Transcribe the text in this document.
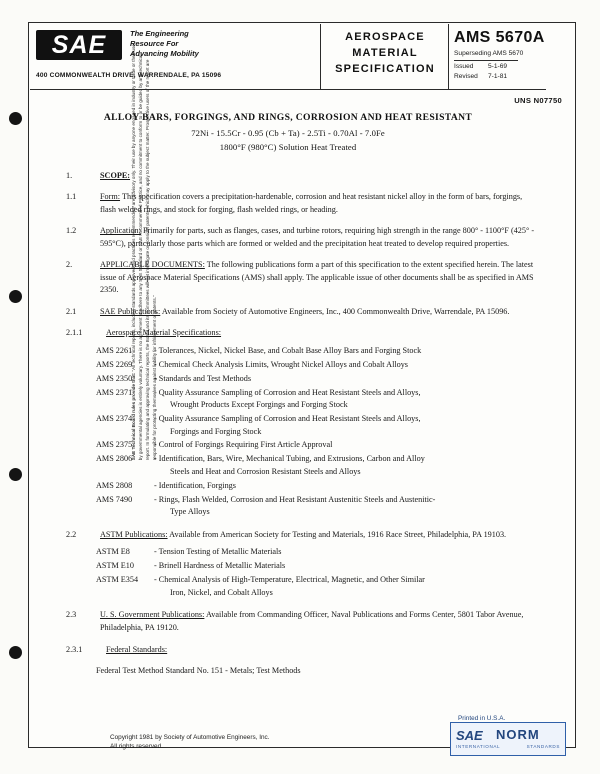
SAE Technical Board rules provide that: "All technical reports, including standards approved and practices recommended, are advisory only. Their use by anyone engaged in industry or trade or their use by governmental agencies is entirely voluntary. There is no agreement to adhere to any SAE Standard or SAE Recommended Practice, and no commitment to conform to or be guided by any technical report. In formulating and approving technical reports, the Board and its Committees will not investigate or consider patents which may apply to the subject matter. Prospective users of the report are responsible for protecting themselves against liability for infringement of patents."
SAE	The Engineering
Resource For
Advancing Mobility
400 COMMONWEALTH DRIVE, WARRENDALE, PA 15096
AEROSPACE
MATERIAL
SPECIFICATION
AMS 5670A
Superseding AMS 5670
Issued 5-1-69
Revised 7-1-81
UNS N07750
ALLOY BARS, FORGINGS, AND RINGS, CORROSION AND HEAT RESISTANT
72Ni - 15.5Cr - 0.95 (Cb + Ta) - 2.5Ti - 0.70Al - 7.0Fe
1800°F (980°C) Solution Heat Treated
1.	SCOPE:
1.1	Form: This specification covers a precipitation-hardenable, corrosion and heat resistant nickel alloy in the form of bars, forgings, flash welded rings, and stock for forging, flash welded rings, or heading.
1.2	Application: Primarily for parts, such as flanges, cases, and turbine rotors, requiring high strength in the range 800° - 1100°F (425° - 595°C), particularly those parts which are formed or welded and the precipitation heat treated to develop required properties.
2.	APPLICABLE DOCUMENTS: The following publications form a part of this specification to the extent specified herein. The latest issue of Aerospace Material Specifications (AMS) shall apply. The applicable issue of other documents shall be as specified in AMS 2350.
2.1	SAE Publications: Available from Society of Automotive Engineers, Inc., 400 Commonwealth Drive, Warrendale, PA 15096.
2.1.1	Aerospace Material Specifications:
AMS 2261	- Tolerances, Nickel, Nickel Base, and Cobalt Base Alloy Bars and Forging Stock
AMS 2269	- Chemical Check Analysis Limits, Wrought Nickel Alloys and Cobalt Alloys
AMS 2350	- Standards and Test Methods
AMS 2371	- Quality Assurance Sampling of Corrosion and Heat Resistant Steels and Alloys,
Wrought Products Except Forgings and Forging Stock
AMS 2374	- Quality Assurance Sampling of Corrosion and Heat Resistant Steels and Alloys,
Forgings and Forging Stock
AMS 2375	- Control of Forgings Requiring First Article Approval
AMS 2806	- Identification, Bars, Wire, Mechanical Tubing, and Extrusions, Carbon and Alloy
Steels and Heat and Corrosion Resistant Steels and Alloys
AMS 2808	- Identification, Forgings
AMS 7490	- Rings, Flash Welded, Corrosion and Heat Resistant Austenitic Steels and Austenitic-
Type Alloys
2.2	ASTM Publications: Available from American Society for Testing and Materials, 1916 Race Street, Philadelphia, PA 19103.
ASTM E8	- Tension Testing of Metallic Materials
ASTM E10	- Brinell Hardness of Metallic Materials
ASTM E354	- Chemical Analysis of High-Temperature, Electrical, Magnetic, and Other Similar
Iron, Nickel, and Cobalt Alloys
2.3	U. S. Government Publications: Available from Commanding Officer, Naval Publications and Forms Center, 5801 Tabor Avenue, Philadelphia, PA 19120.
2.3.1	Federal Standards:
Federal Test Method Standard No. 151 - Metals; Test Methods
Copyright 1981 by Society of Automotive Engineers, Inc.
All rights reserved.
Printed in U.S.A.
SAE NORM
INTERNATIONAL	STANDARDS
